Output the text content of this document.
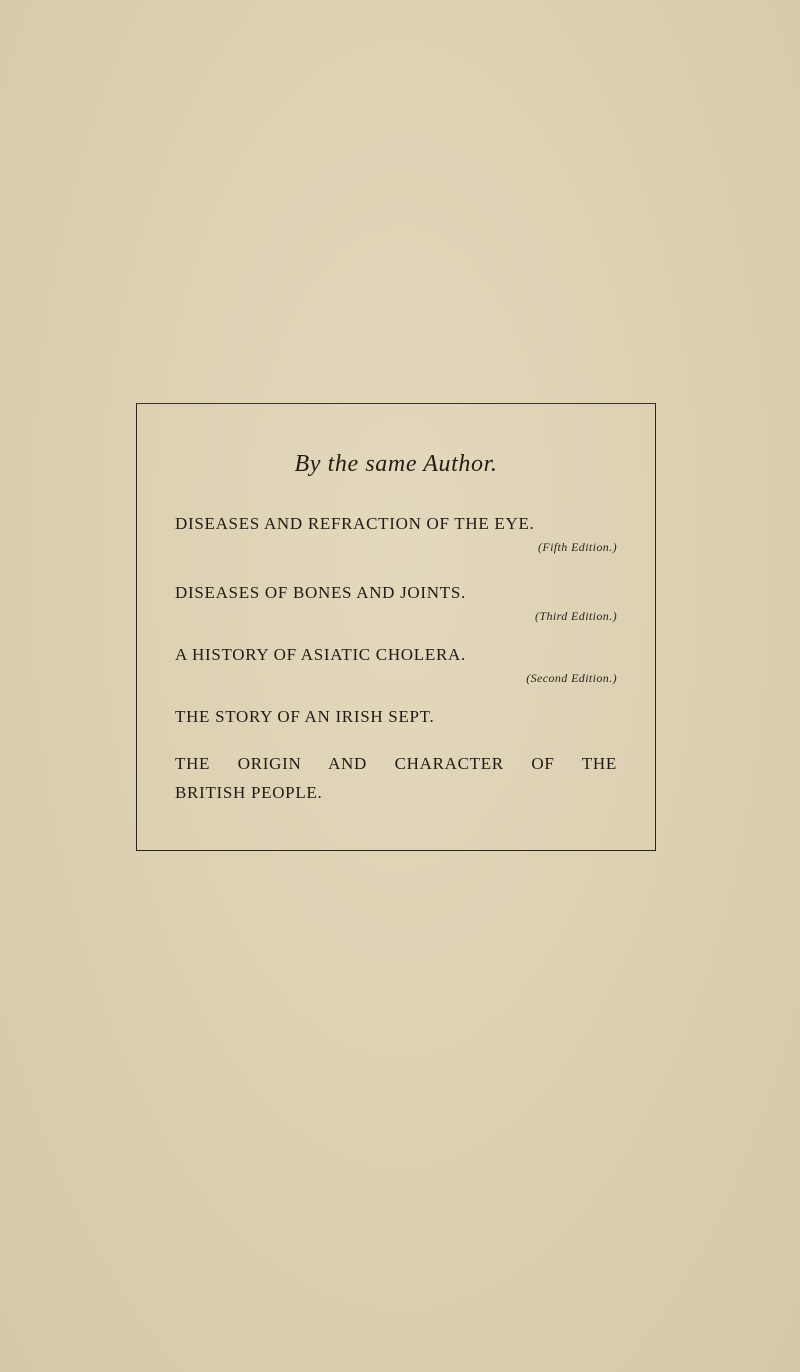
By the same Author.
DISEASES AND REFRACTION OF THE EYE.
(Fifth Edition.)
DISEASES OF BONES AND JOINTS.
(Third Edition.)
A HISTORY OF ASIATIC CHOLERA.
(Second Edition.)
THE STORY OF AN IRISH SEPT.
THE ORIGIN AND CHARACTER OF THE
BRITISH PEOPLE.
